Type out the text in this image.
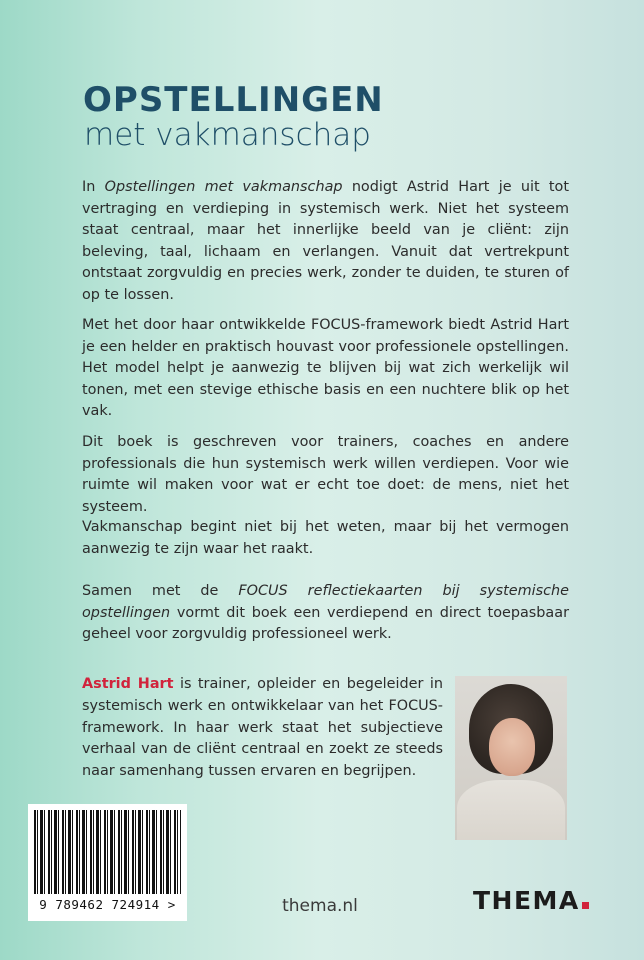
OPSTELLINGEN
met vakmanschap

In Opstellingen met vakmanschap nodigt Astrid Hart je uit tot vertraging en verdieping in systemisch werk. Niet het systeem staat centraal, maar het innerlijke beeld van je cliënt: zijn beleving, taal, lichaam en verlangen. Vanuit dat vertrekpunt ontstaat zorgvuldig en precies werk, zonder te duiden, te sturen of op te lossen.

Met het door haar ontwikkelde FOCUS-framework biedt Astrid Hart je een helder en praktisch houvast voor professionele opstellingen. Het model helpt je aanwezig te blijven bij wat zich werkelijk wil tonen, met een stevige ethische basis en een nuchtere blik op het vak.

Dit boek is geschreven voor trainers, coaches en andere professionals die hun systemisch werk willen verdiepen. Voor wie ruimte wil maken voor wat er echt toe doet: de mens, niet het systeem.

Vakmanschap begint niet bij het weten, maar bij het vermogen aanwezig te zijn waar het raakt.

Samen met de FOCUS reflectiekaarten bij systemische opstellingen vormt dit boek een verdiepend en direct toepasbaar geheel voor zorgvuldig professioneel werk.

Astrid Hart is trainer, opleider en begeleider in systemisch werk en ontwikkelaar van het FOCUS-framework. In haar werk staat het subjectieve verhaal van de cliënt centraal en zoekt ze steeds naar samenhang tussen ervaren en begrijpen.

9 789462 724914 >	thema.nl	THEMA
